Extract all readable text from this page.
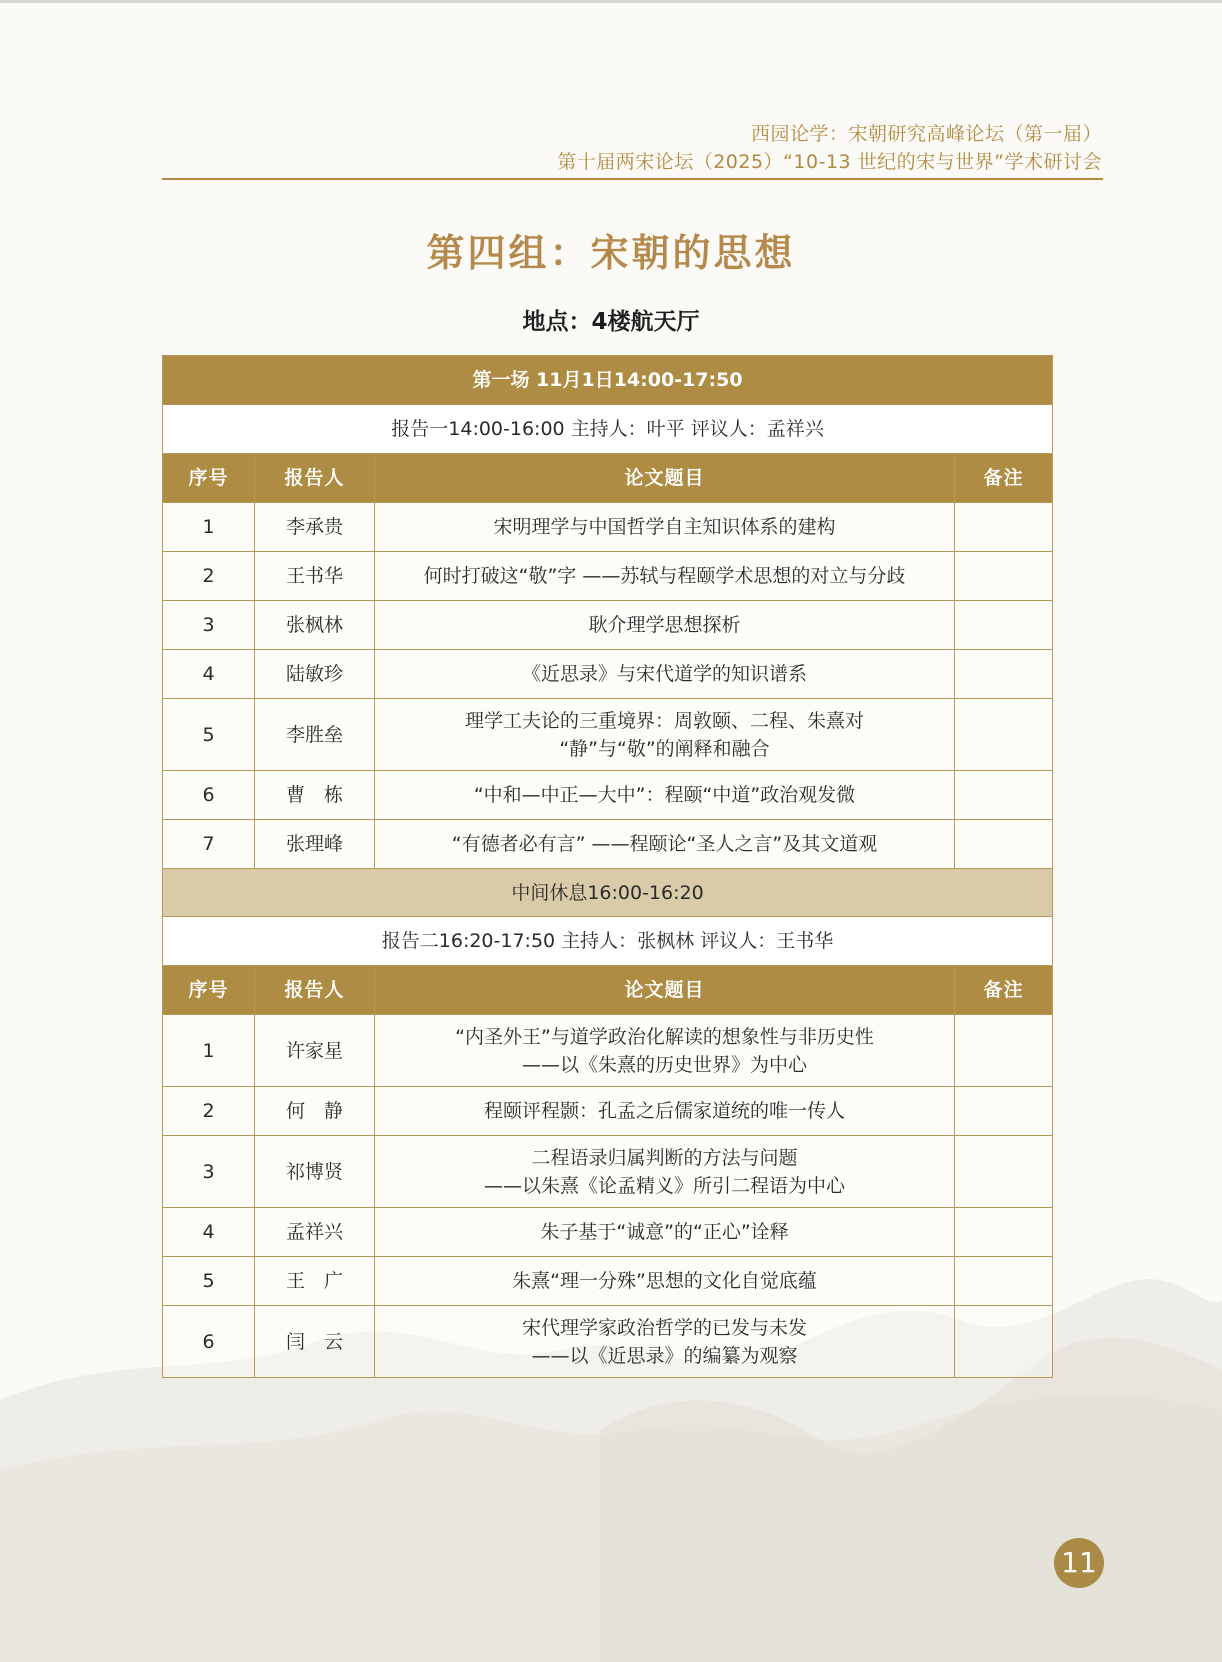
西园论学：宋朝研究高峰论坛（第一届）
第十届两宋论坛（2025）“10-13 世纪的宋与世界”学术研讨会
第四组：宋朝的思想
地点：4楼航天厅
第一场 11月1日14:00-17:50			
报告一14:00-16:00 主持人：叶平 评议人：孟祥兴			
序号	报告人	论文题目	备注
1	李承贵	宋明理学与中国哲学自主知识体系的建构	

2	王书华	何时打破这“敬”字 ——苏轼与程颐学术思想的对立与分歧	

3	张枫林	耿介理学思想探析	

4	陆敏珍	《近思录》与宋代道学的知识谱系	

5	李胜垒	理学工夫论的三重境界：周敦颐、二程、朱熹对
“静”与“敬”的阐释和融合	

6	曹　栋	“中和—中正—大中”：程颐“中道”政治观发微	

7	张理峰	“有德者必有言” ——程颐论“圣人之言”及其文道观	

中间休息16:00-16:20			
报告二16:20-17:50 主持人：张枫林 评议人：王书华			
序号	报告人	论文题目	备注
1	许家星	“内圣外王”与道学政治化解读的想象性与非历史性
——以《朱熹的历史世界》为中心	

2	何　静	程颐评程颢：孔孟之后儒家道统的唯一传人	

3	祁博贤	二程语录归属判断的方法与问题
——以朱熹《论孟精义》所引二程语为中心	

4	孟祥兴	朱子基于“诚意”的“正心”诠释	

5	王　广	朱熹“理一分殊”思想的文化自觉底蕴	

6	闫　云	宋代理学家政治哲学的已发与未发
——以《近思录》的编纂为观察	

11
